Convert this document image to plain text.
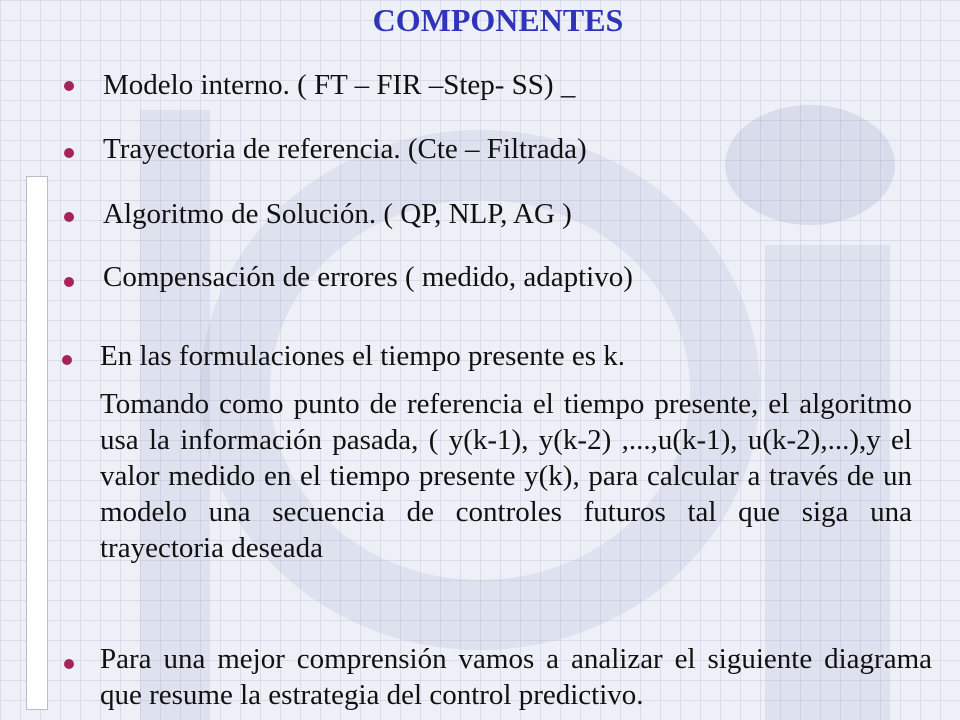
COMPONENTES
Modelo interno. ( FT – FIR –Step- SS) _
Trayectoria de referencia. (Cte – Filtrada)
Algoritmo de Solución. ( QP, NLP, AG )
Compensación de errores ( medido, adaptivo)
En las formulaciones el tiempo presente es k.
Tomando como punto de referencia el tiempo presente, el algoritmo usa la información pasada, ( y(k-1), y(k-2) ,...,u(k-1), u(k-2),...),y el valor medido en el tiempo presente y(k), para calcular a través de un modelo una secuencia de controles futuros tal que siga una trayectoria deseada
Para una mejor comprensión vamos a analizar el siguiente diagrama que resume la estrategia del control predictivo.
